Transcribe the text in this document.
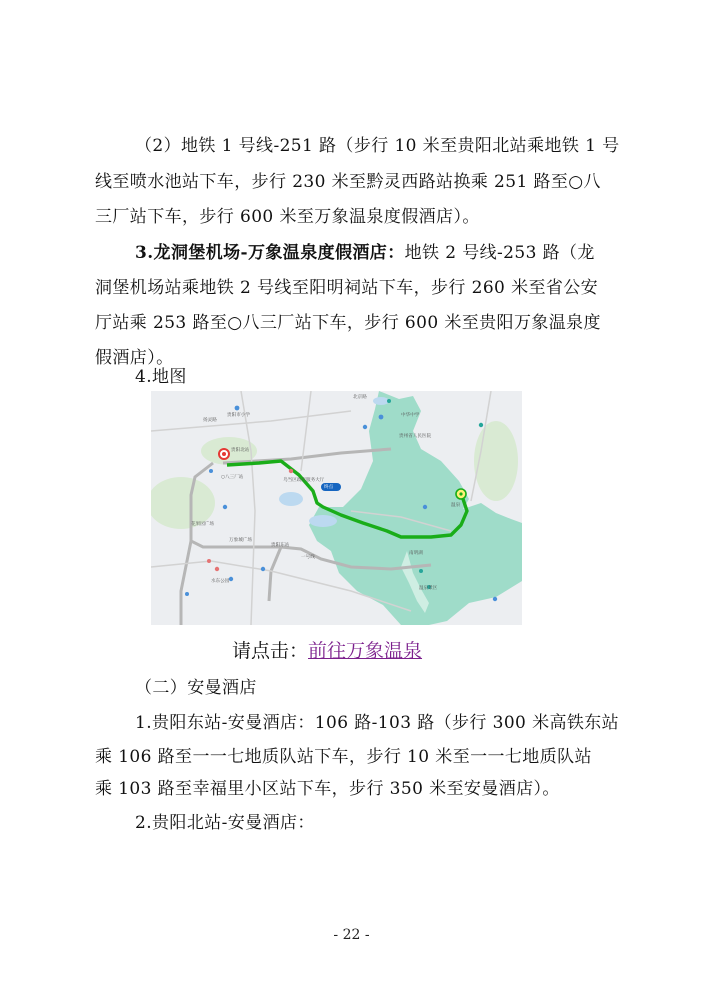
（2）地铁 1 号线-251 路（步行 10 米至贵阳北站乘地铁 1 号
线至喷水池站下车，步行 230 米至黔灵西路站换乘 251 路至○八
三厂站下车，步行 600 米至万象温泉度假酒店）。
3.龙洞堡机场-万象温泉度假酒店：地铁 2 号线-253 路（龙
洞堡机场站乘地铁 2 号线至阳明祠站下车，步行 260 米至省公安
厅站乘 253 路至○八三厂站下车，步行 600 米至贵阳万象温泉度
假酒店）。
4.地图
贵阳市小学
扬灵路
贵阳北站
○八三厂站
乌当区政府服务大厅
终点
温泉
花果园广场
万象城广场
贵阳东站
一号线
水东公园
北京路
中华中学
贵州省人民医院
南明湖
温泉景区
请点击：前往万象温泉
（二）安曼酒店
1.贵阳东站-安曼酒店：106 路-103 路（步行 300 米高铁东站
乘 106 路至一一七地质队站下车，步行 10 米至一一七地质队站
乘 103 路至幸福里小区站下车，步行 350 米至安曼酒店）。
2.贵阳北站-安曼酒店：
- 22 -
